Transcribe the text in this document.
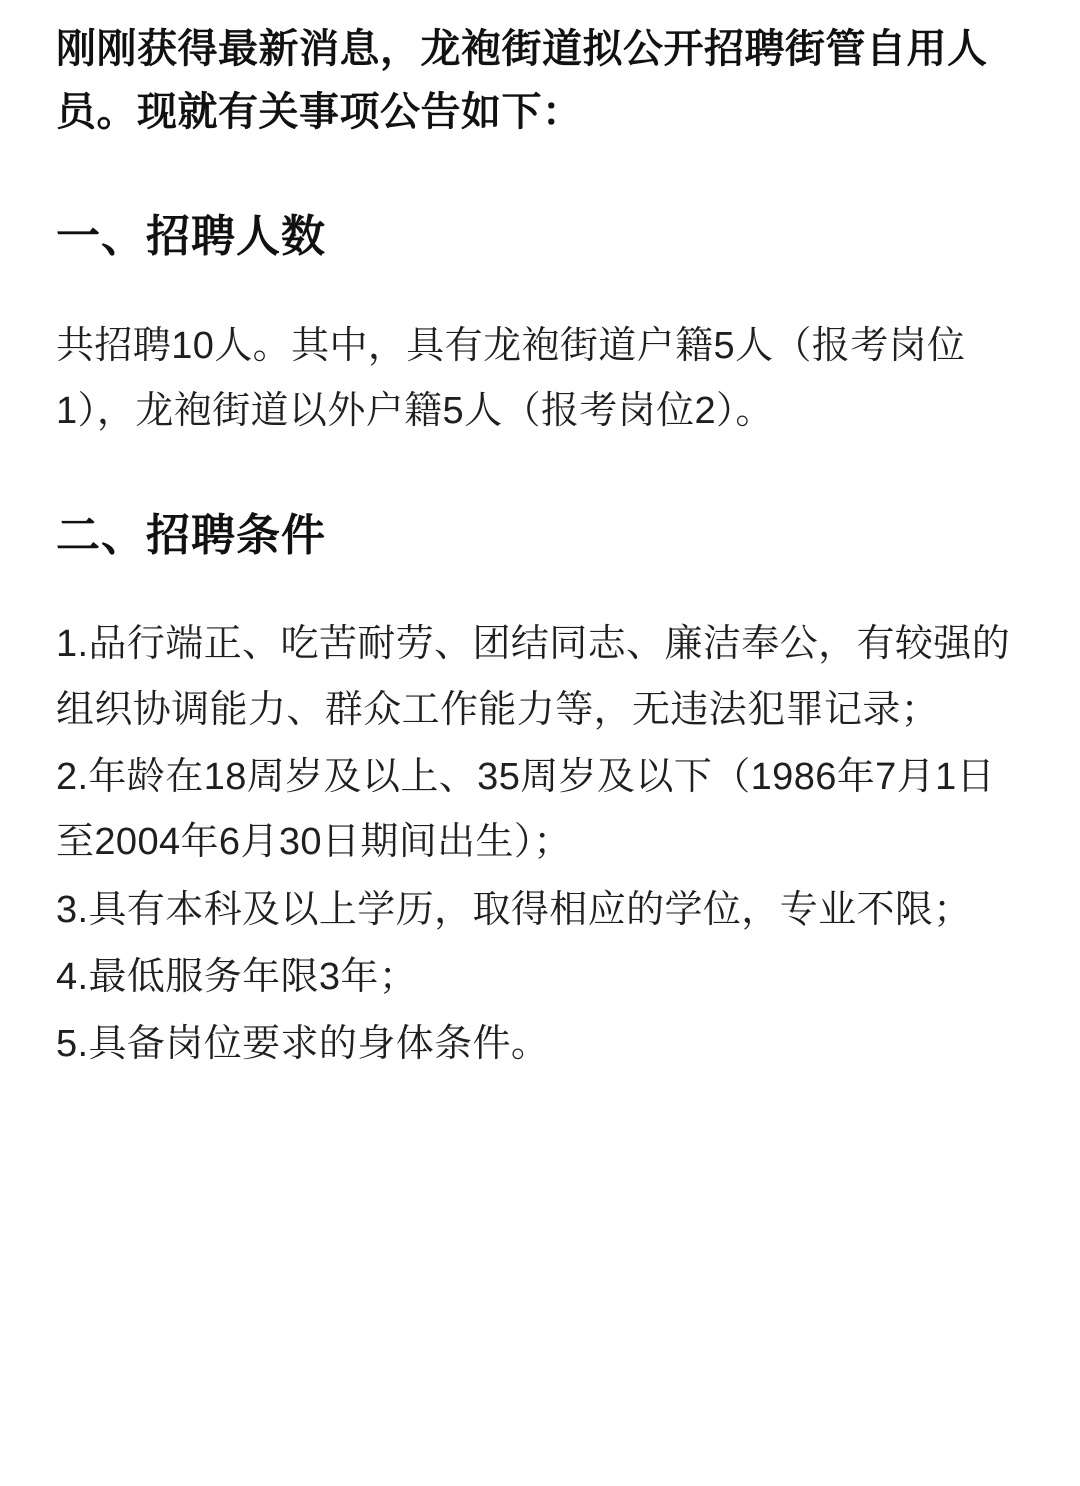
刚刚获得最新消息，龙袍街道拟公开招聘街管自用人员。现就有关事项公告如下：

一、招聘人数

共招聘10人。其中，具有龙袍街道户籍5人（报考岗位1），龙袍街道以外户籍5人（报考岗位2）。

二、招聘条件
1.品行端正、吃苦耐劳、团结同志、廉洁奉公，有较强的组织协调能力、群众工作能力等，无违法犯罪记录；
2.年龄在18周岁及以上、35周岁及以下（1986年7月1日至2004年6月30日期间出生）；
3.具有本科及以上学历，取得相应的学位，专业不限；
4.最低服务年限3年；
5.具备岗位要求的身体条件。
